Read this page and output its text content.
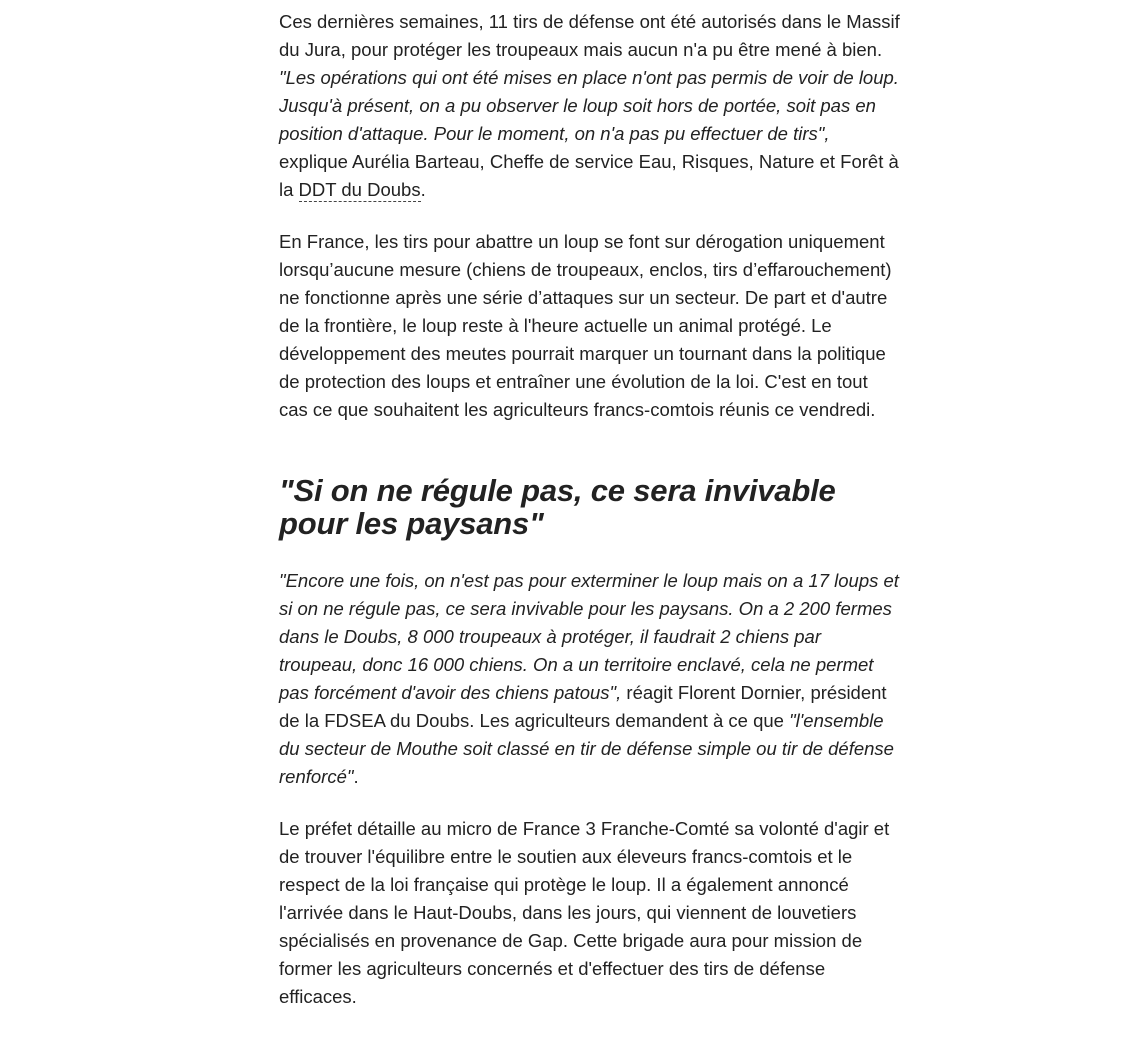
Ces dernières semaines, 11 tirs de défense ont été autorisés dans le Massif du Jura, pour protéger les troupeaux mais aucun n'a pu être mené à bien. "Les opérations qui ont été mises en place n'ont pas permis de voir de loup. Jusqu'à présent, on a pu observer le loup soit hors de portée, soit pas en position d'attaque. Pour le moment, on n'a pas pu effectuer de tirs", explique Aurélia Barteau, Cheffe de service Eau, Risques, Nature et Forêt à la DDT du Doubs.

En France, les tirs pour abattre un loup se font sur dérogation uniquement lorsqu’aucune mesure (chiens de troupeaux, enclos, tirs d’effarouchement) ne fonctionne après une série d’attaques sur un secteur. De part et d'autre de la frontière, le loup reste à l'heure actuelle un animal protégé. Le développement des meutes pourrait marquer un tournant dans la politique de protection des loups et entraîner une évolution de la loi. C'est en tout cas ce que souhaitent les agriculteurs francs-comtois réunis ce vendredi.

"Si on ne régule pas, ce sera invivable pour les paysans"

"Encore une fois, on n'est pas pour exterminer le loup mais on a 17 loups et si on ne régule pas, ce sera invivable pour les paysans. On a 2 200 fermes dans le Doubs, 8 000 troupeaux à protéger, il faudrait 2 chiens par troupeau, donc 16 000 chiens. On a un territoire enclavé, cela ne permet pas forcément d'avoir des chiens patous", réagit Florent Dornier, président de la FDSEA du Doubs. Les agriculteurs demandent à ce que "l'ensemble du secteur de Mouthe soit classé en tir de défense simple ou tir de défense renforcé".

Le préfet détaille au micro de France 3 Franche-Comté sa volonté d'agir et de trouver l'équilibre entre le soutien aux éleveurs francs-comtois et le respect de la loi française qui protège le loup. Il a également annoncé l'arrivée dans le Haut-Doubs, dans les jours, qui viennent de louvetiers spécialisés en provenance de Gap. Cette brigade aura pour mission de former les agriculteurs concernés et d'effectuer des tirs de défense efficaces.
